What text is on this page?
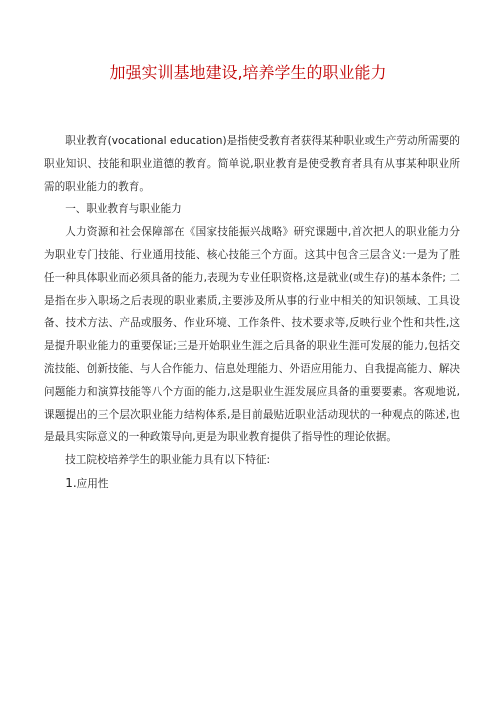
加强实训基地建设,培养学生的职业能力

职业教育(vocational education)是指使受教育者获得某种职业或生产劳动所需要的职业知识、技能和职业道德的教育。简单说,职业教育是使受教育者具有从事某种职业所需的职业能力的教育。

一、职业教育与职业能力

人力资源和社会保障部在《国家技能振兴战略》研究课题中,首次把人的职业能力分为职业专门技能、行业通用技能、核心技能三个方面。这其中包含三层含义:一是为了胜任一种具体职业而必须具备的能力,表现为专业任职资格,这是就业(或生存)的基本条件; 二是指在步入职场之后表现的职业素质,主要涉及所从事的行业中相关的知识领域、工具设备、技术方法、产品或服务、作业环境、工作条件、技术要求等,反映行业个性和共性,这是提升职业能力的重要保证;三是开始职业生涯之后具备的职业生涯可发展的能力,包括交流技能、创新技能、与人合作能力、信息处理能力、外语应用能力、自我提高能力、解决问题能力和演算技能等八个方面的能力,这是职业生涯发展应具备的重要要素。客观地说,课题提出的三个层次职业能力结构体系,是目前最贴近职业活动现状的一种观点的陈述,也是最具实际意义的一种政策导向,更是为职业教育提供了指导性的理论依据。

技工院校培养学生的职业能力具有以下特征:

1.应用性
